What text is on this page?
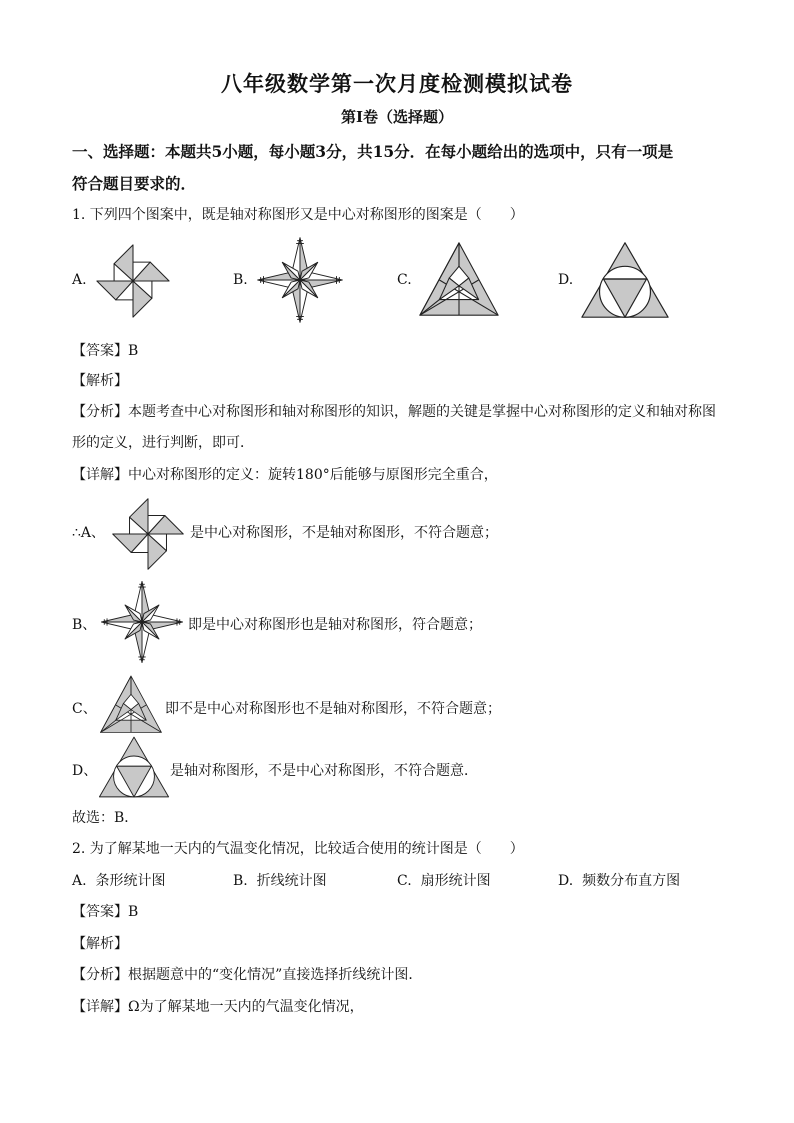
八年级数学第一次月度检测模拟试卷
第Ⅰ卷（选择题）
一、选择题：本题共5小题，每小题3分，共15分．在每小题给出的选项中，只有一项是
符合题目要求的．
1. 下列四个图案中，既是轴对称图形又是中心对称图形的图案是（　　）
A.	B.	C.	D.
【答案】B
【解析】
【分析】本题考查中心对称图形和轴对称图形的知识，解题的关键是掌握中心对称图形的定义和轴对称图
形的定义，进行判断，即可．
【详解】中心对称图形的定义：旋转180°后能够与原图形完全重合，
∴A、	是中心对称图形，不是轴对称图形，不符合题意；
B、	即是中心对称图形也是轴对称图形，符合题意；
C、	即不是中心对称图形也不是轴对称图形，不符合题意；
D、	是轴对称图形，不是中心对称图形，不符合题意．
故选：B．
2. 为了解某地一天内的气温变化情况，比较适合使用的统计图是（　　）
A. 条形统计图	B. 折线统计图	C. 扇形统计图	D. 频数分布直方图
【答案】B
【解析】
【分析】根据题意中的“变化情况”直接选择折线统计图．
【详解】Ω为了解某地一天内的气温变化情况，
